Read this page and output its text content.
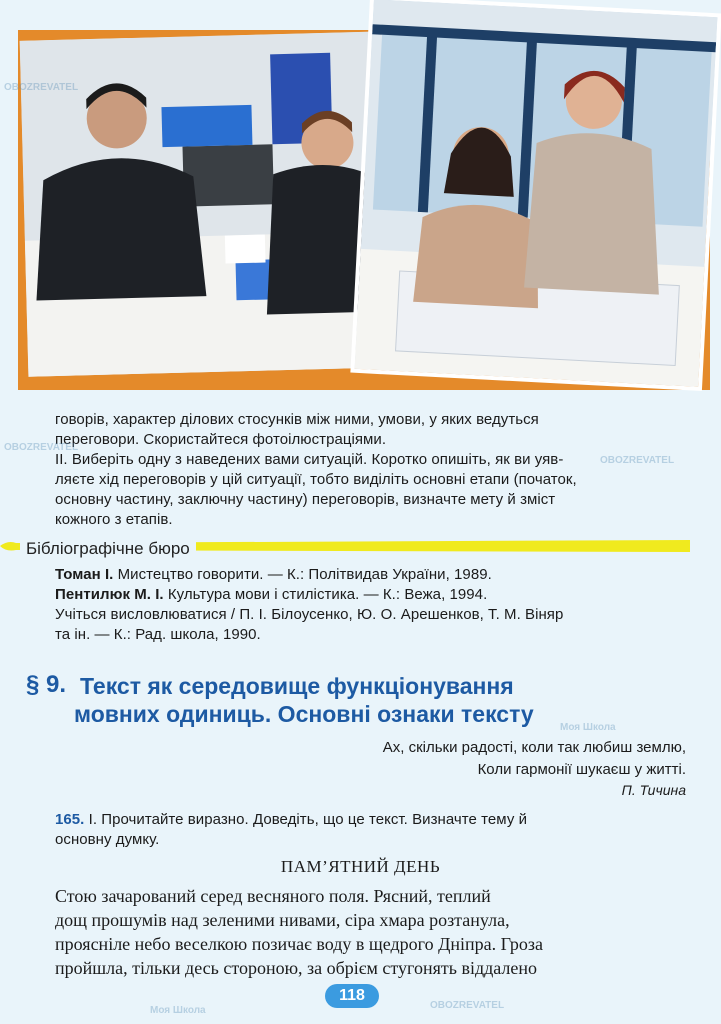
говорів, характер ділових стосунків між ними, умови, у яких ведуться
переговори. Скористайтеся фотоілюстраціями.
II. Виберіть одну з наведених вами ситуацій. Коротко опишіть, як ви уяв-
ляєте хід переговорів у цій ситуації, тобто виділіть основні етапи (початок,
основну частину, заключну частину) переговорів, визначте мету й зміст
кожного з етапів.
Бібліографічне бюро
Томан І. Мистецтво говорити. — К.: Політвидав України, 1989.
Пентилюк М. І. Культура мови і стилістика. — К.: Вежа, 1994.
Учіться висловлюватися / П. І. Білоусенко, Ю. О. Арешенков, Т. М. Віняр
та ін. — К.: Рад. школа, 1990.
§ 9. Текст як середовище функціонування
мовних одиниць. Основні ознаки тексту
Ах, скільки радості, коли так любиш землю,
Коли гармонії шукаєш у житті.
П. Тичина
165. І. Прочитайте виразно. Доведіть, що це текст. Визначте тему й
основну думку.
ПАМ’ЯТНИЙ ДЕНЬ
Стою зачарований серед весняного поля. Рясний, теплий
дощ прошумів над зеленими нивами, сіра хмара розтанула,
прояснілe небо веселкою позичає воду в щедрого Дніпра. Гроза
пройшла, тільки десь стороною, за обрієм стугонять віддалено
118
OBOZREVATEL
OBOZREVATEL
Моя Школа	OBOZREVATEL
Моя Школа
OBOZREVATEL
